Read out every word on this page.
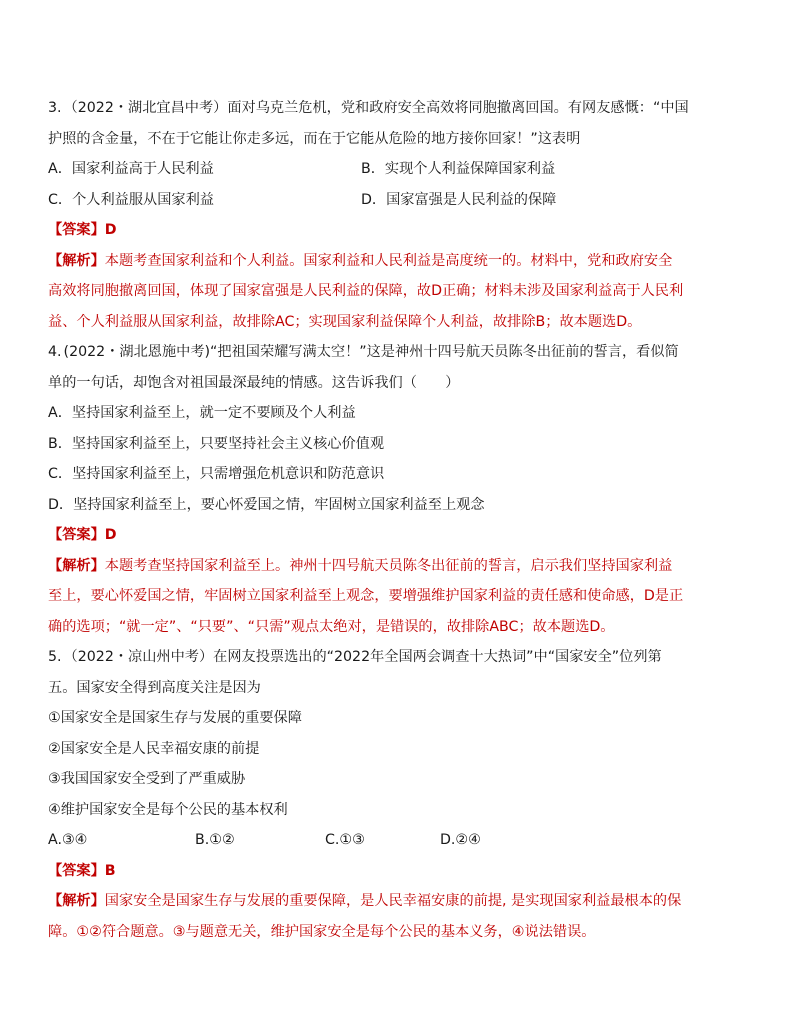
3. （2022・湖北宜昌中考）面对乌克兰危机，党和政府安全高效将同胞撤离回国。有网友感慨：“中国
护照的含金量，不在于它能让你走多远，而在于它能从危险的地方接你回家！”这表明
A．国家利益高于人民利益	B．实现个人利益保障国家利益
C．个人利益服从国家利益	D．国家富强是人民利益的保障
【答案】D
【解析】本题考查国家利益和个人利益。国家利益和人民利益是高度统一的。材料中，党和政府安全
高效将同胞撤离回国，体现了国家富强是人民利益的保障，故D正确；材料未涉及国家利益高于人民利
益、个人利益服从国家利益，故排除AC；实现国家利益保障个人利益，故排除B；故本题选D。
4. (2022・湖北恩施中考)“把祖国荣耀写满太空！”这是神州十四号航天员陈冬出征前的誓言，看似简
单的一句话，却饱含对祖国最深最纯的情感。这告诉我们（　　）
A．坚持国家利益至上，就一定不要顾及个人利益
B．坚持国家利益至上，只要坚持社会主义核心价值观
C．坚持国家利益至上，只需增强危机意识和防范意识
D．坚持国家利益至上，要心怀爱国之情，牢固树立国家利益至上观念
【答案】D
【解析】本题考查坚持国家利益至上。神州十四号航天员陈冬出征前的誓言，启示我们坚持国家利益
至上，要心怀爱国之情，牢固树立国家利益至上观念，要增强维护国家利益的责任感和使命感，D是正
确的选项；“就一定”、“只要”、“只需”观点太绝对，是错误的，故排除ABC；故本题选D。
5. （2022・凉山州中考）在网友投票选出的“2022年全国两会调查十大热词”中“国家安全”位列第
五。国家安全得到高度关注是因为
①国家安全是国家生存与发展的重要保障
②国家安全是人民幸福安康的前提
③我国国家安全受到了严重威胁
④维护国家安全是每个公民的基本权利
A.③④	B.①②	C.①③	D.②④
【答案】B
【解析】国家安全是国家生存与发展的重要保障，是人民幸福安康的前提, 是实现国家利益最根本的保
障。①②符合题意。③与题意无关，维护国家安全是每个公民的基本义务，④说法错误。
